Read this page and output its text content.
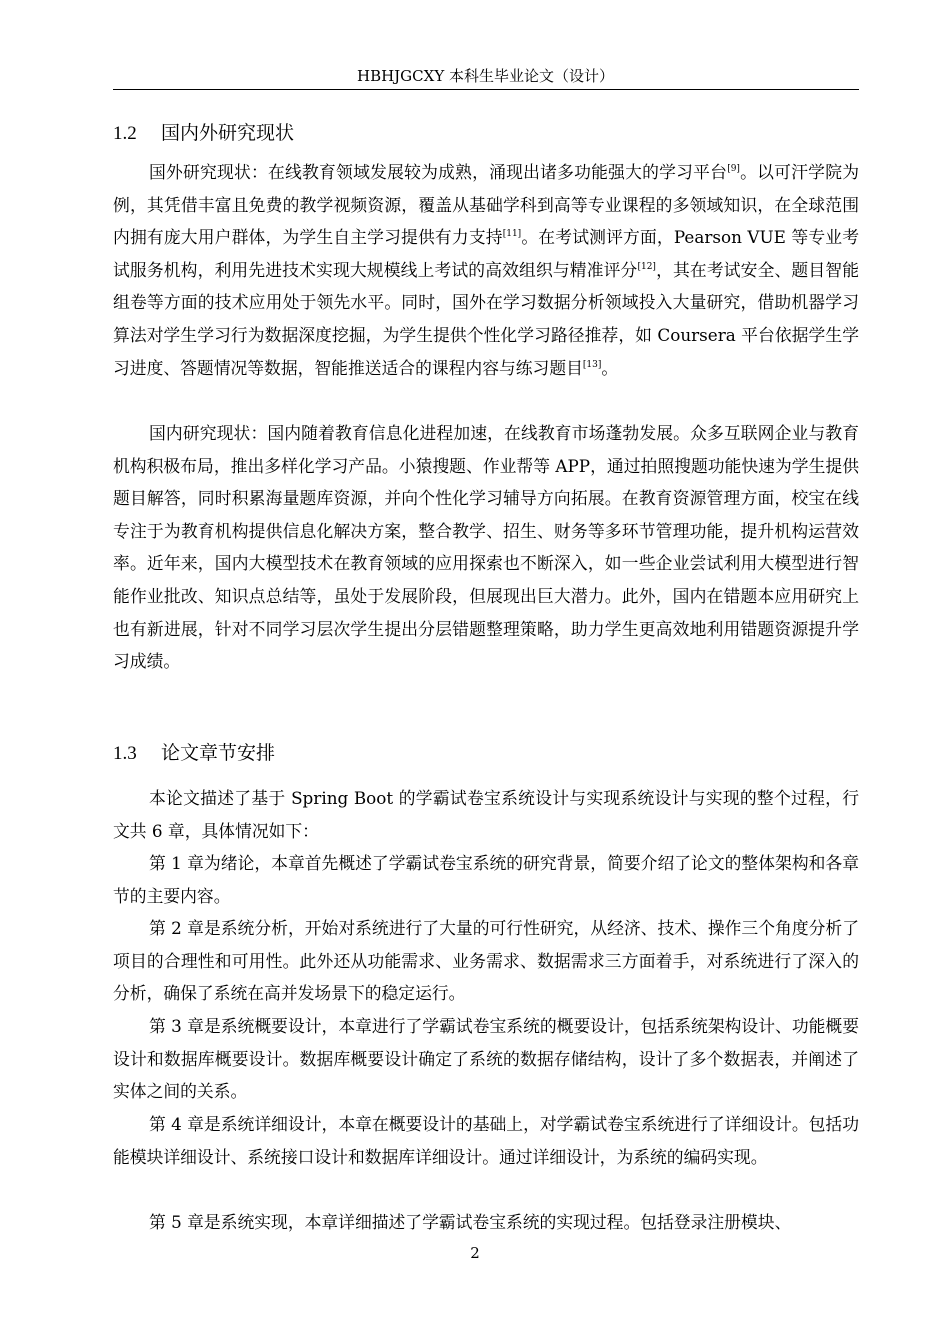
HBHJGCXY 本科生毕业论文（设计）
1.2 国内外研究现状

国外研究现状：在线教育领域发展较为成熟，涌现出诸多功能强大的学习平台[9]。以可汗学院为例，其凭借丰富且免费的教学视频资源，覆盖从基础学科到高等专业课程的多领域知识，在全球范围内拥有庞大用户群体，为学生自主学习提供有力支持[11]。在考试测评方面，Pearson VUE 等专业考试服务机构，利用先进技术实现大规模线上考试的高效组织与精准评分[12]，其在考试安全、题目智能组卷等方面的技术应用处于领先水平。同时，国外在学习数据分析领域投入大量研究，借助机器学习算法对学生学习行为数据深度挖掘，为学生提供个性化学习路径推荐，如 Coursera 平台依据学生学习进度、答题情况等数据，智能推送适合的课程内容与练习题目[13]。

国内研究现状：国内随着教育信息化进程加速，在线教育市场蓬勃发展。众多互联网企业与教育机构积极布局，推出多样化学习产品。小猿搜题、作业帮等 APP，通过拍照搜题功能快速为学生提供题目解答，同时积累海量题库资源，并向个性化学习辅导方向拓展。在教育资源管理方面，校宝在线专注于为教育机构提供信息化解决方案，整合教学、招生、财务等多环节管理功能，提升机构运营效率。近年来，国内大模型技术在教育领域的应用探索也不断深入，如一些企业尝试利用大模型进行智能作业批改、知识点总结等，虽处于发展阶段，但展现出巨大潜力。此外，国内在错题本应用研究上也有新进展，针对不同学习层次学生提出分层错题整理策略，助力学生更高效地利用错题资源提升学习成绩。

1.3 论文章节安排

本论文描述了基于 Spring Boot 的学霸试卷宝系统设计与实现系统设计与实现的整个过程，行文共 6 章，具体情况如下：

第 1 章为绪论，本章首先概述了学霸试卷宝系统的研究背景，简要介绍了论文的整体架构和各章节的主要内容。

第 2 章是系统分析，开始对系统进行了大量的可行性研究，从经济、技术、操作三个角度分析了项目的合理性和可用性。此外还从功能需求、业务需求、数据需求三方面着手，对系统进行了深入的分析，确保了系统在高并发场景下的稳定运行。

第 3 章是系统概要设计，本章进行了学霸试卷宝系统的概要设计，包括系统架构设计、功能概要设计和数据库概要设计。数据库概要设计确定了系统的数据存储结构，设计了多个数据表，并阐述了实体之间的关系。

第 4 章是系统详细设计，本章在概要设计的基础上，对学霸试卷宝系统进行了详细设计。包括功能模块详细设计、系统接口设计和数据库详细设计。通过详细设计，为系统的编码实现。

第 5 章是系统实现，本章详细描述了学霸试卷宝系统的实现过程。包括登录注册模块、

2
